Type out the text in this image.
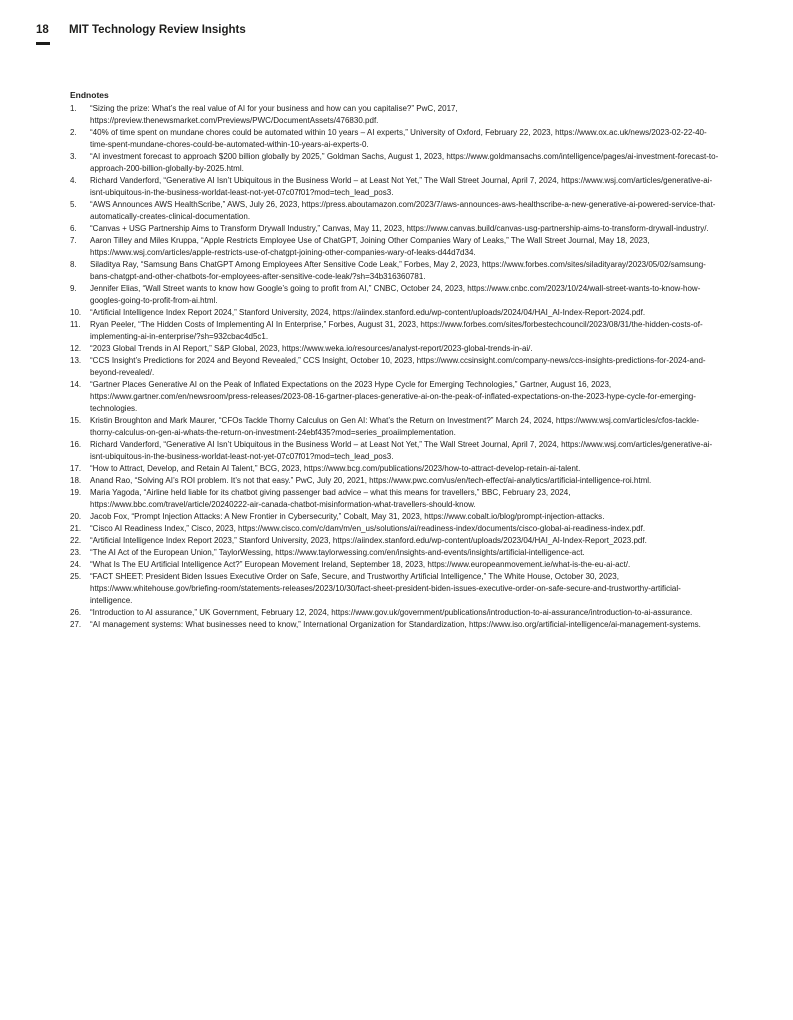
18 MIT Technology Review Insights
Endnotes
1.	“Sizing the prize: What’s the real value of AI for your business and how can you capitalise?” PwC, 2017, https://preview.thenewsmarket.com/Previews/PWC/DocumentAssets/476830.pdf.
2.	“40% of time spent on mundane chores could be automated within 10 years – AI experts,” University of Oxford, February 22, 2023, https://www.ox.ac.uk/news/2023-02-22-40-time-spent-mundane-chores-could-be-automated-within-10-years-ai-experts-0.
3.	“AI investment forecast to approach $200 billion globally by 2025,” Goldman Sachs, August 1, 2023, https://www.goldmansachs.com/intelligence/pages/ai-investment-forecast-to-approach-200-billion-globally-by-2025.html.
4.	Richard Vanderford, “Generative AI Isn’t Ubiquitous in the Business World – at Least Not Yet,” The Wall Street Journal, April 7, 2024, https://www.wsj.com/articles/generative-ai-isnt-ubiquitous-in-the-business-worldat-least-not-yet-07c07f01?mod=tech_lead_pos3.
5.	“AWS Announces AWS HealthScribe,” AWS, July 26, 2023, https://press.aboutamazon.com/2023/7/aws-announces-aws-healthscribe-a-new-generative-ai-powered-service-that-automatically-creates-clinical-documentation.
6.	“Canvas + USG Partnership Aims to Transform Drywall Industry,” Canvas, May 11, 2023, https://www.canvas.build/canvas-usg-partnership-aims-to-transform-drywall-industry/.
7.	Aaron Tilley and Miles Kruppa, “Apple Restricts Employee Use of ChatGPT, Joining Other Companies Wary of Leaks,” The Wall Street Journal, May 18, 2023, https://www.wsj.com/articles/apple-restricts-use-of-chatgpt-joining-other-companies-wary-of-leaks-d44d7d34.
8.	Siladitya Ray, “Samsung Bans ChatGPT Among Employees After Sensitive Code Leak,” Forbes, May 2, 2023, https://www.forbes.com/sites/siladityaray/2023/05/02/samsung-bans-chatgpt-and-other-chatbots-for-employees-after-sensitive-code-leak/?sh=34b316360781.
9.	Jennifer Elias, “Wall Street wants to know how Google’s going to profit from AI,” CNBC, October 24, 2023, https://www.cnbc.com/2023/10/24/wall-street-wants-to-know-how-googles-going-to-profit-from-ai.html.
10.	“Artificial Intelligence Index Report 2024,” Stanford University, 2024, https://aiindex.stanford.edu/wp-content/uploads/2024/04/HAI_AI-Index-Report-2024.pdf.
11.	Ryan Peeler, “The Hidden Costs of Implementing AI In Enterprise,” Forbes, August 31, 2023, https://www.forbes.com/sites/forbestechcouncil/2023/08/31/the-hidden-costs-of-implementing-ai-in-enterprise/?sh=932cbac4d5c1.
12.	“2023 Global Trends in AI Report,” S&P Global, 2023, https://www.weka.io/resources/analyst-report/2023-global-trends-in-ai/.
13.	“CCS Insight’s Predictions for 2024 and Beyond Revealed,” CCS Insight, October 10, 2023, https://www.ccsinsight.com/company-news/ccs-insights-predictions-for-2024-and-beyond-revealed/.
14.	“Gartner Places Generative AI on the Peak of Inflated Expectations on the 2023 Hype Cycle for Emerging Technologies,” Gartner, August 16, 2023, https://www.gartner.com/en/newsroom/press-releases/2023-08-16-gartner-places-generative-ai-on-the-peak-of-inflated-expectations-on-the-2023-hype-cycle-for-emerging-technologies.
15.	Kristin Broughton and Mark Maurer, “CFOs Tackle Thorny Calculus on Gen AI: What’s the Return on Investment?” March 24, 2024, https://www.wsj.com/articles/cfos-tackle-thorny-calculus-on-gen-ai-whats-the-return-on-investment-24ebf435?mod=series_proaiimplementation.
16.	Richard Vanderford, “Generative AI Isn’t Ubiquitous in the Business World – at Least Not Yet,” The Wall Street Journal, April 7, 2024, https://www.wsj.com/articles/generative-ai-isnt-ubiquitous-in-the-business-worldat-least-not-yet-07c07f01?mod=tech_lead_pos3.
17.	“How to Attract, Develop, and Retain AI Talent,” BCG, 2023, https://www.bcg.com/publications/2023/how-to-attract-develop-retain-ai-talent.
18.	Anand Rao, “Solving AI’s ROI problem. It’s not that easy.” PwC, July 20, 2021, https://www.pwc.com/us/en/tech-effect/ai-analytics/artificial-intelligence-roi.html.
19.	Maria Yagoda, “Airline held liable for its chatbot giving passenger bad advice – what this means for travellers,” BBC, February 23, 2024, https://www.bbc.com/travel/article/20240222-air-canada-chatbot-misinformation-what-travellers-should-know.
20.	Jacob Fox, “Prompt Injection Attacks: A New Frontier in Cybersecurity,” Cobalt, May 31, 2023, https://www.cobalt.io/blog/prompt-injection-attacks.
21.	“Cisco AI Readiness Index,” Cisco, 2023, https://www.cisco.com/c/dam/m/en_us/solutions/ai/readiness-index/documents/cisco-global-ai-readiness-index.pdf.
22.	“Artificial Intelligence Index Report 2023,” Stanford University, 2023, https://aiindex.stanford.edu/wp-content/uploads/2023/04/HAI_AI-Index-Report_2023.pdf.
23.	“The AI Act of the European Union,” TaylorWessing, https://www.taylorwessing.com/en/insights-and-events/insights/artificial-intelligence-act.
24.	“What Is The EU Artificial Intelligence Act?” European Movement Ireland, September 18, 2023, https://www.europeanmovement.ie/what-is-the-eu-ai-act/.
25.	“FACT SHEET: President Biden Issues Executive Order on Safe, Secure, and Trustworthy Artificial Intelligence,” The White House, October 30, 2023, https://www.whitehouse.gov/briefing-room/statements-releases/2023/10/30/fact-sheet-president-biden-issues-executive-order-on-safe-secure-and-trustworthy-artificial-intelligence.
26.	“Introduction to AI assurance,” UK Government, February 12, 2024, https://www.gov.uk/government/publications/introduction-to-ai-assurance/introduction-to-ai-assurance.
27.	“AI management systems: What businesses need to know,” International Organization for Standardization, https://www.iso.org/artificial-intelligence/ai-management-systems.
